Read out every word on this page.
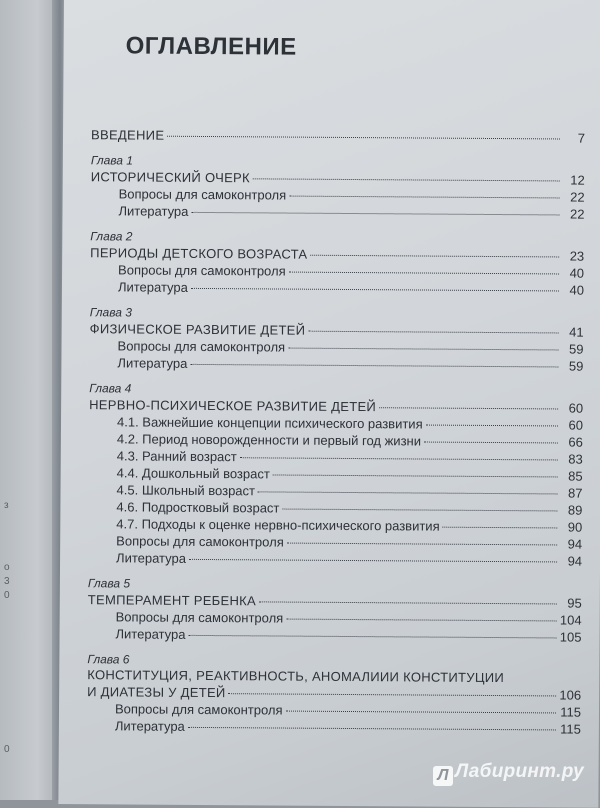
з
о
3
0
0
ОГЛАВЛЕНИЕ
ВВЕДЕНИЕ	7
Глава 1
ИСТОРИЧЕСКИЙ ОЧЕРК	12
Вопросы для самоконтроля	22
Литература	22
Глава 2
ПЕРИОДЫ ДЕТСКОГО ВОЗРАСТА	23
Вопросы для самоконтроля	40
Литература	40
Глава 3
ФИЗИЧЕСКОЕ РАЗВИТИЕ ДЕТЕЙ	41
Вопросы для самоконтроля	59
Литература	59
Глава 4
НЕРВНО-ПСИХИЧЕСКОЕ РАЗВИТИЕ ДЕТЕЙ	60
4.1. Важнейшие концепции психического развития	60
4.2. Период новорожденности и первый год жизни	66
4.3. Ранний возраст	83
4.4. Дошкольный возраст	85
4.5. Школьный возраст	87
4.6. Подростковый возраст	89
4.7. Подходы к оценке нервно-психического развития	90
Вопросы для самоконтроля	94
Литература	94
Глава 5
ТЕМПЕРАМЕНТ РЕБЕНКА	95
Вопросы для самоконтроля	104
Литература	105
Глава 6
КОНСТИТУЦИЯ, РЕАКТИВНОСТЬ, АНОМАЛИИИ КОНСТИТУЦИИ
И ДИАТЕЗЫ У ДЕТЕЙ	106
Вопросы для самоконтроля	115
Литература	115
Л Лабиринт.ру
